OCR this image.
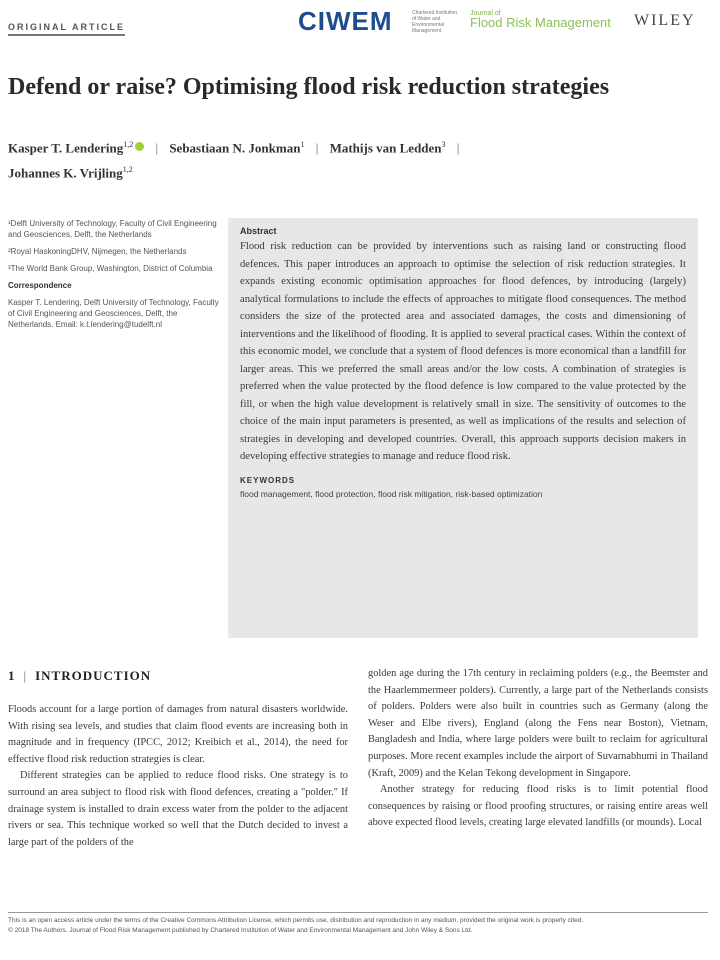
ORIGINAL ARTICLE	CIWEM	Chartered Institution of Water and Environmental Management
Journal of
Flood Risk Management WILEY
Defend or raise? Optimising flood risk reduction strategies
Kasper T. Lendering$^{1,2}$ | Sebastiaan N. Jonkman$^1$ | Mathijs van Ledden$^3$ |
Johannes K. Vrijling$^{1,2}$

¹Delft University of Technology, Faculty of Civil Engineering and Geosciences, Delft, the Netherlands

²Royal HaskoningDHV, Nijmegen, the Netherlands

³The World Bank Group, Washington, District of Columbia

Correspondence

Kasper T. Lendering, Delft University of Technology, Faculty of Civil Engineering and Geosciences, Delft, the Netherlands. Email: k.t.lendering@tudelft.nl

Abstract

Flood risk reduction can be provided by interventions such as raising land or constructing flood defences. This paper introduces an approach to optimise the selection of risk reduction strategies. It expands existing economic optimisation approaches for flood defences, by introducing (largely) analytical formulations to include the effects of approaches to mitigate flood consequences. The method considers the size of the protected area and associated damages, the costs and dimensioning of interventions and the likelihood of flooding. It is applied to several practical cases. Within the context of this economic model, we conclude that a system of flood defences is more economical than a landfill for larger areas. This we preferred the small areas and/or the low costs. A combination of strategies is preferred when the value protected by the flood defence is low compared to the value protected by the fill, or when the high value development is relatively small in size. The sensitivity of outcomes to the choice of the main input parameters is presented, as well as implications of the results and selection of strategies in developing and developed countries. Overall, this approach supports decision makers in developing effective strategies to manage and reduce flood risk.

KEYWORDS
flood management, flood protection, flood risk mitigation, risk-based optimization
1 | INTRODUCTION

Floods account for a large portion of damages from natural disasters worldwide. With rising sea levels, and studies that claim flood events are increasing both in magnitude and in frequency (IPCC, 2012; Kreibich et al., 2014), the need for effective flood risk reduction strategies is clear.

Different strategies can be applied to reduce flood risks. One strategy is to surround an area subject to flood risk with flood defences, creating a "polder." If drainage system is installed to drain excess water from the polder to the adjacent rivers or sea. This technique worked so well that the Dutch decided to invest a large part of the polders of the

golden age during the 17th century in reclaiming polders (e.g., the Beemster and the Haarlemmermeer polders). Currently, a large part of the Netherlands consists of polders. Polders were also built in countries such as Germany (along the Weser and Elbe rivers), England (along the Fens near Boston), Vietnam, Bangladesh and India, where large polders were built to reclaim for agricultural purposes. More recent examples include the airport of Suvarnabhumi in Thailand (Kraft, 2009) and the Kelan Tekong development in Singapore.

Another strategy for reducing flood risks is to limit potential flood consequences by raising or flood proofing structures, or raising entire areas well above expected flood levels, creating large elevated landfills (or mounds). Local

This is an open access article under the terms of the Creative Commons Attribution License, which permits use, distribution and reproduction in any medium, provided the original work is properly cited.

© 2018 The Authors. Journal of Flood Risk Management published by Chartered Institution of Water and Environmental Management and John Wiley & Sons Ltd.
